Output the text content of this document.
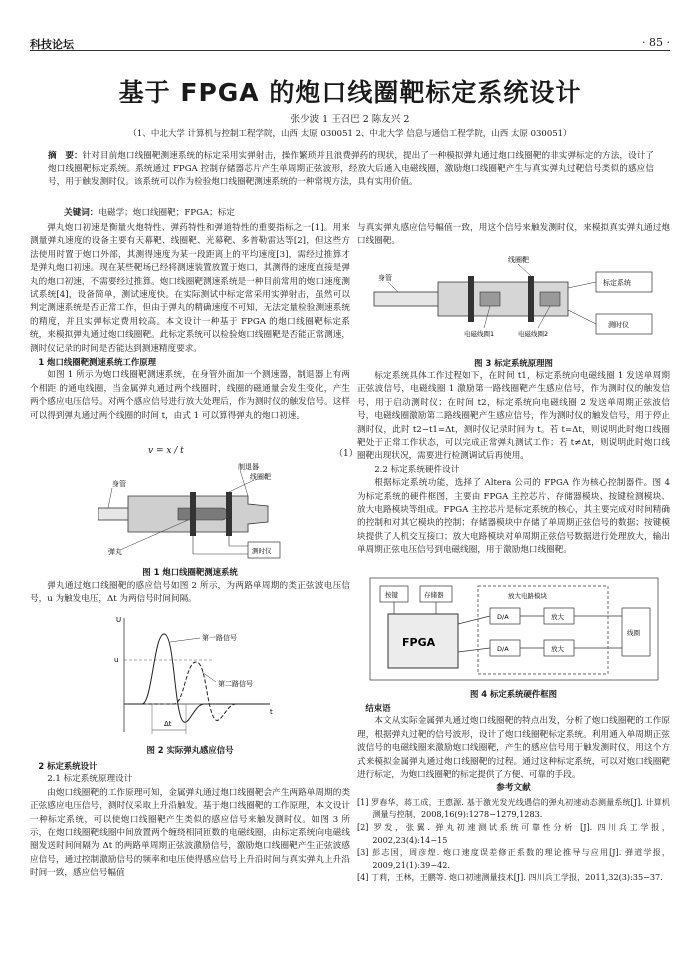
科技论坛	· 85 ·
基于 FPGA 的炮口线圈靶标定系统设计
张少波 1 王召巴 2 陈友兴 2
（1、中北大学 计算机与控制工程学院，山西 太原 030051 2、中北大学 信息与通信工程学院，山西 太原 030051）
摘　要：针对目前炮口线圈靶测速系统的标定采用实弹射击，操作繁琐并且浪费弹药的现状，提出了一种模拟弹丸通过炮口线圈靶的非实弹标定的方法，设计了炮口线圈靶标定系统。系统通过 FPGA 控制存储器芯片产生单周期正弦波形，经放大后通入电磁线圈，激励炮口线圈靶产生与真实弹丸过靶信号类似的感应信号，用于触发测时仪。该系统可以作为检验炮口线圈靶测速系统的一种常规方法，具有实用价值。
关键词：电磁学；炮口线圈靶；FPGA；标定

弹丸炮口初速是衡量火炮特性、弹药特性和弹道特性的重要指标之一[1]。用来测量弹丸速度的设备主要有天幕靶、线圈靶、光幕靶、多普勒雷达等[2]，但这些方法使用时置于炮口外部，其测得速度为某一段距离上的平均速度[3]，需经过推算才是弹丸炮口初速。现在某些靶场已经将测速装置放置于炮口，其测得的速度直接是弹丸的炮口初速，不需要经过推算。炮口线圈靶测速系统是一种目前常用的炮口速度测试系统[4]，设备简单，测试速度快。在实际测试中标定常采用实弹射击，虽然可以判定测速系统是否正常工作，但由于弹丸的精确速度不可知，无法定量检验测速系统的精度，并且实弹标定费用较高。本文设计一种基于 FPGA 的炮口线圈靶标定系统，来模拟弹丸通过炮口线圈靶。此标定系统可以检验炮口线圈靶是否能正常测速，测时仪记录的时间是否能达到测速精度要求。

1 炮口线圈靶测速系统工作原理

如图 1 所示为炮口线圈靶测速系统，在身管外面加一个测速器，制退器上有两个相距 的通电线圈，当金属弹丸通过两个线圈时，线圈的磁通量会发生变化，产生两个感应电压信号。对两个感应信号进行放大处理后，作为测时仪的触发信号。这样可以得到弹丸通过两个线圈的时间 t，由式 1 可以算得弹丸的炮口初速。

v = x / t	（1）
身管
制退器
线圈靶
弹丸	测时仪
图 1 炮口线圈靶测速系统

弹丸通过炮口线圈靶的感应信号如图 2 所示，为两路单周期的类正弦波电压信号，u 为触发电压，Δt 为两信号时间间隔。

U
t
u
第一路信号
第二路信号
Δt
图 2 实际弹丸感应信号
2 标定系统设计
2.1 标定系统原理设计

由炮口线圈靶的工作原理可知，金属弹丸通过炮口线圈靶会产生两路单周期的类正弦感应电压信号，测时仪采取上升沿触发。基于炮口线圈靶的工作原理，本文设计一种标定系统，可以使炮口线圈靶产生类似的感应信号来触发测时仪。如图 3 所示，在炮口线圈靶线圈中间放置两个缠绕相同匝数的电磁线圈，由标定系统向电磁线圈发送时间间隔为 Δt 的两路单周期正弦波激励信号，激励炮口线圈靶产生正弦波感应信号，通过控制激励信号的频率和电压使得感应信号上升沿时间与真实弹丸上升沿时间一致，感应信号幅值

与真实弹丸感应信号幅值一致，用这个信号来触发测时仪，来模拟真实弹丸通过炮口线圈靶。

身管
线圈靶
电磁线圈1	电磁线圈2
标定系统
测时仪
图 3 标定系统原理图

标定系统具体工作过程如下，在时间 t1，标定系统向电磁线圈 1 发送单周期正弦波信号，电磁线圈 1 激励第一路线圈靶产生感应信号，作为测时仪的触发信号，用于启动测时仪；在时间 t2，标定系统向电磁线圈 2 发送单周期正弦波信号，电磁线圈激励第二路线圈靶产生感应信号，作为测时仪的触发信号，用于停止测时仪，此时 t2−t1=Δt，测时仪记录时间为 t。若 t=Δt，则说明此时炮口线圈靶处于正常工作状态，可以完成正常弹丸测试工作；若 t≠Δt，则说明此时炮口线圈靶出现状况，需要进行检测调试后再使用。

2.2 标定系统硬件设计

根据标定系统功能，选择了 Altera 公司的 FPGA 作为核心控制器件。图 4 为标定系统的硬件框图，主要由 FPGA 主控芯片、存储器模块、按键检测模块、放大电路模块等组成。FPGA 主控芯片是标定系统的核心，其主要完成对时间精确的控制和对其它模块的控制；存储器模块中存储了单周期正弦信号的数据；按键模块提供了人机交互接口；放大电路模块对单周期正弦信号数据进行处理放大，输出单周期正弦电压信号到电磁线圈，用于激励炮口线圈靶。

按键	存储器
FPGA
放大电路模块
D/A
D/A
放大
放大
线圈
图 4 标定系统硬件框图
结束语

本文从实际金属弹丸通过炮口线圈靶的特点出发，分析了炮口线圈靶的工作原理，根据弹丸过靶的信号波形，设计了炮口线圈靶标定系统。利用通入单周期正弦波信号的电磁线圈来激励炮口线圈靶，产生的感应信号用于触发测时仪，用这个方式来模拟金属弹丸通过炮口线圈靶的过程。通过这种标定系统，可以对炮口线圈靶进行标定，为炮口线圈靶的标定提供了方便、可靠的手段。

参考文献
[1] 罗春华，蒋工成，王惠源. 基于激光发光线遇信的弹丸初速动态测量系统[J]. 计算机测量与控制，2008,16(9):1278−1279,1283.
[2] 罗发，张翼. 弹丸初速测试系统可靠性分析 [J]. 四川兵工学报，2002,23(4):14−15
[3] 彭志国，周彦煌. 炮口速度误差修正系数的理论推导与应用[J]. 弹道学报，2009,21(1):39−42.
[4] 丁莉，王林，王鹏等. 炮口初速测量技术[J]. 四川兵工学报，2011,32(3):35−37.
